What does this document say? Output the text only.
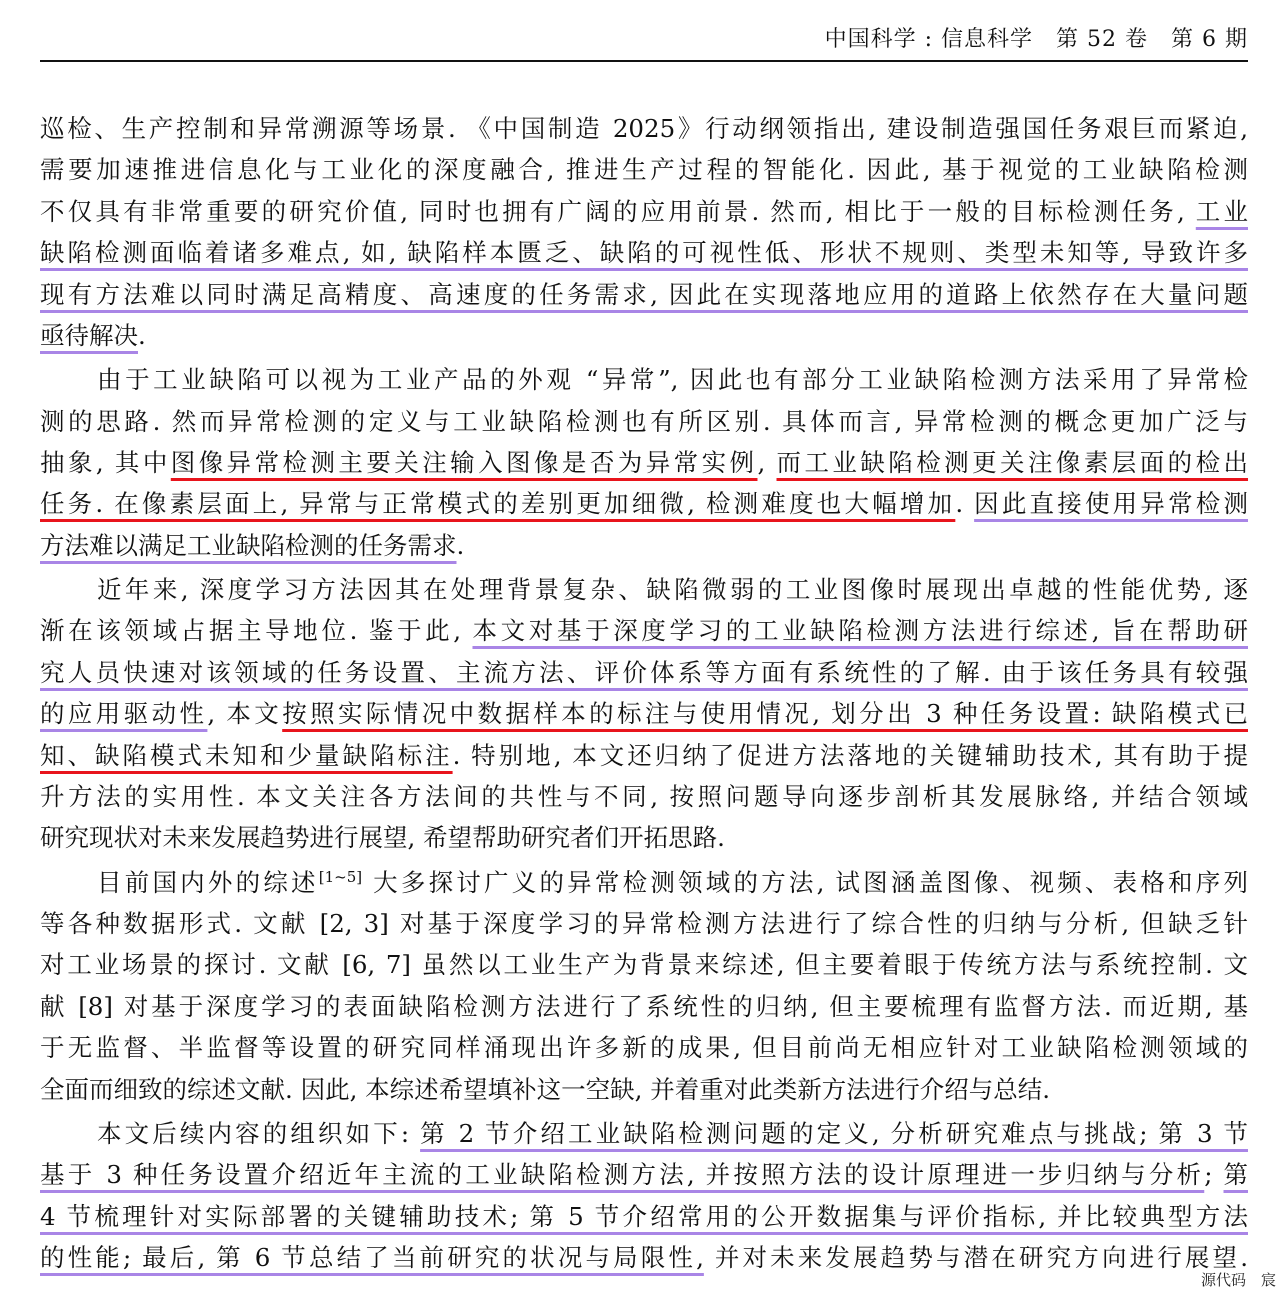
中国科学 : 信息科学　第 52 卷　第 6 期
巡检、生产控制和异常溯源等场景. 《中国制造 2025》行动纲领指出, 建设制造强国任务艰巨而紧迫,
需要加速推进信息化与工业化的深度融合, 推进生产过程的智能化. 因此, 基于视觉的工业缺陷检测
不仅具有非常重要的研究价值, 同时也拥有广阔的应用前景. 然而, 相比于一般的目标检测任务, 工业
缺陷检测面临着诸多难点, 如, 缺陷样本匮乏、缺陷的可视性低、形状不规则、类型未知等, 导致许多
现有方法难以同时满足高精度、高速度的任务需求, 因此在实现落地应用的道路上依然存在大量问题
亟待解决.
由于工业缺陷可以视为工业产品的外观 “异常”, 因此也有部分工业缺陷检测方法采用了异常检
测的思路. 然而异常检测的定义与工业缺陷检测也有所区别. 具体而言, 异常检测的概念更加广泛与
抽象, 其中图像异常检测主要关注输入图像是否为异常实例, 而工业缺陷检测更关注像素层面的检出
任务. 在像素层面上, 异常与正常模式的差别更加细微, 检测难度也大幅增加. 因此直接使用异常检测
方法难以满足工业缺陷检测的任务需求.
近年来, 深度学习方法因其在处理背景复杂、缺陷微弱的工业图像时展现出卓越的性能优势, 逐
渐在该领域占据主导地位. 鉴于此, 本文对基于深度学习的工业缺陷检测方法进行综述, 旨在帮助研
究人员快速对该领域的任务设置、主流方法、评价体系等方面有系统性的了解. 由于该任务具有较强
的应用驱动性, 本文按照实际情况中数据样本的标注与使用情况, 划分出 3 种任务设置: 缺陷模式已
知、缺陷模式未知和少量缺陷标注. 特别地, 本文还归纳了促进方法落地的关键辅助技术, 其有助于提
升方法的实用性. 本文关注各方法间的共性与不同, 按照问题导向逐步剖析其发展脉络, 并结合领域
研究现状对未来发展趋势进行展望, 希望帮助研究者们开拓思路.
目前国内外的综述[1~5] 大多探讨广义的异常检测领域的方法, 试图涵盖图像、视频、表格和序列
等各种数据形式. 文献 [2, 3] 对基于深度学习的异常检测方法进行了综合性的归纳与分析, 但缺乏针
对工业场景的探讨. 文献 [6, 7] 虽然以工业生产为背景来综述, 但主要着眼于传统方法与系统控制. 文
献 [8] 对基于深度学习的表面缺陷检测方法进行了系统性的归纳, 但主要梳理有监督方法. 而近期, 基
于无监督、半监督等设置的研究同样涌现出许多新的成果, 但目前尚无相应针对工业缺陷检测领域的
全面而细致的综述文献. 因此, 本综述希望填补这一空缺, 并着重对此类新方法进行介绍与总结.
本文后续内容的组织如下: 第 2 节介绍工业缺陷检测问题的定义, 分析研究难点与挑战; 第 3 节
基于 3 种任务设置介绍近年主流的工业缺陷检测方法, 并按照方法的设计原理进一步归纳与分析; 第
4 节梳理针对实际部署的关键辅助技术; 第 5 节介绍常用的公开数据集与评价指标, 并比较典型方法
的性能; 最后, 第 6 节总结了当前研究的状况与局限性, 并对未来发展趋势与潜在研究方向进行展望.
源代码　宸
